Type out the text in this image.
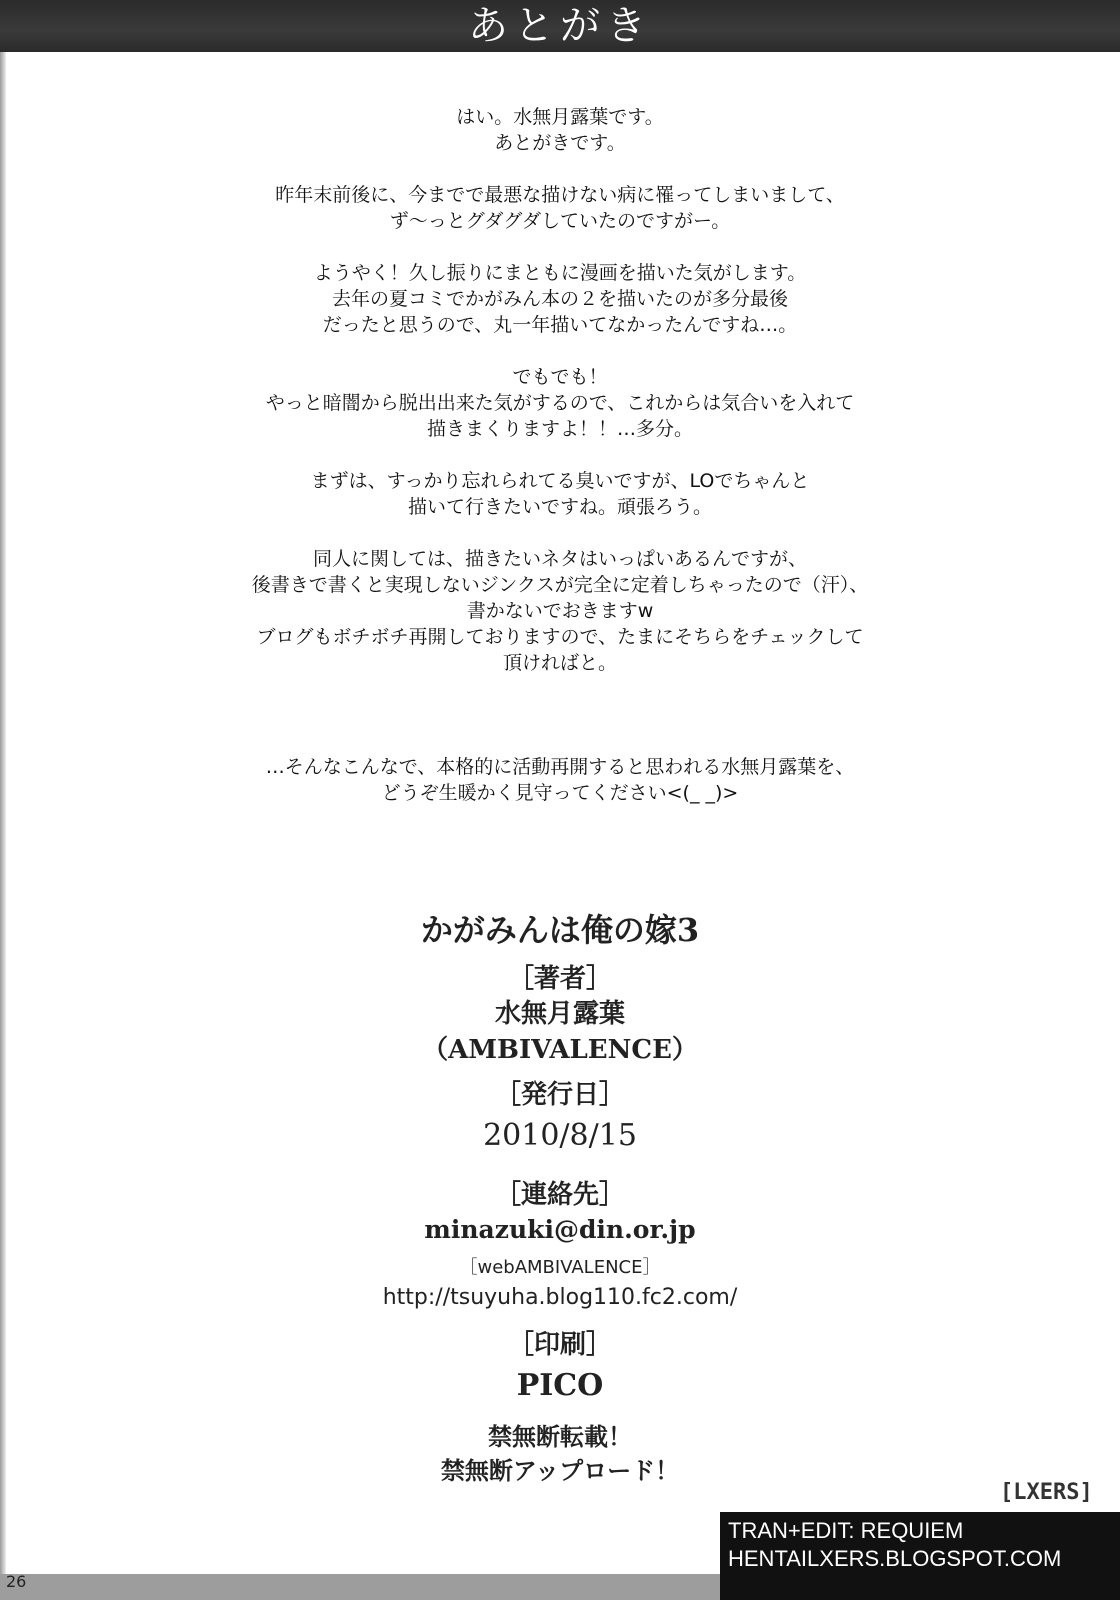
あとがき

はい。水無月露葉です。
あとがきです。

昨年末前後に、今までで最悪な描けない病に罹ってしまいまして、
ず～っとグダグダしていたのですがー。

ようやく！久し振りにまともに漫画を描いた気がします。
去年の夏コミでかがみん本の２を描いたのが多分最後
だったと思うので、丸一年描いてなかったんですね…。

でもでも！
やっと暗闇から脱出出来た気がするので、これからは気合いを入れて
描きまくりますよ！！…多分。

まずは、すっかり忘れられてる臭いですが、LOでちゃんと
描いて行きたいですね。頑張ろう。

同人に関しては、描きたいネタはいっぱいあるんですが、
後書きで書くと実現しないジンクスが完全に定着しちゃったので（汗）、
書かないでおきますw
ブログもボチボチ再開しておりますので、たまにそちらをチェックして
頂ければと。

…そんなこんなで、本格的に活動再開すると思われる水無月露葉を、
どうぞ生暖かく見守ってください<(_ _)>

かがみんは俺の嫁3
［著者］
水無月露葉
（AMBIVALENCE）
［発行日］
2010/8/15
［連絡先］
minazuki@din.or.jp
［webAMBIVALENCE］
http://tsuyuha.blog110.fc2.com/
［印刷］
PICO
禁無断転載！
禁無断アップロード！
26
[LXERS]
TRAN+EDIT: REQUIEM
HENTAILXERS.BLOGSPOT.COM
